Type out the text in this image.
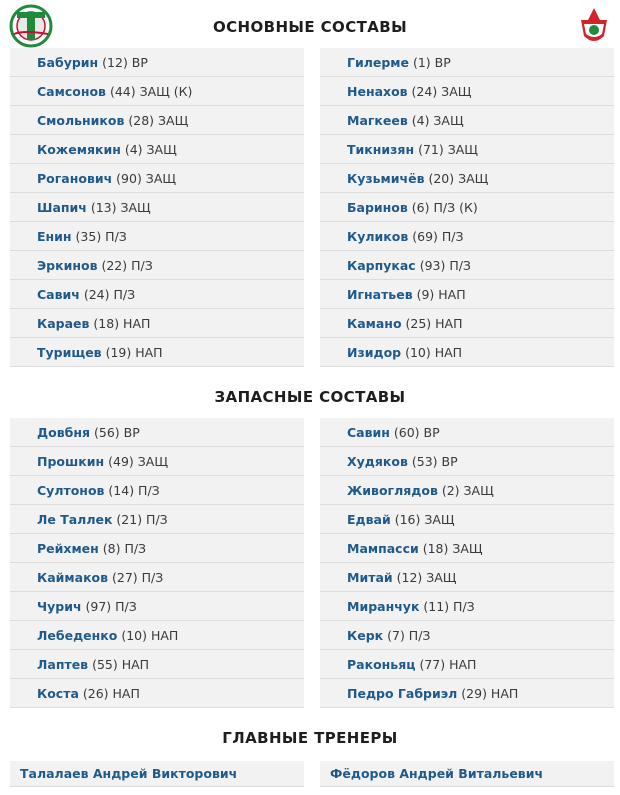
ОСНОВНЫЕ СОСТАВЫ
Бабурин (12) ВР
Самсонов (44) ЗАЩ (К)
Смольников (28) ЗАЩ
Кожемякин (4) ЗАЩ
Роганович (90) ЗАЩ
Шапич (13) ЗАЩ
Енин (35) П/З
Эркинов (22) П/З
Савич (24) П/З
Караев (18) НАП
Турищев (19) НАП
Гилерме (1) ВР
Ненахов (24) ЗАЩ
Магкеев (4) ЗАЩ
Тикнизян (71) ЗАЩ
Кузьмичёв (20) ЗАЩ
Баринов (6) П/З (К)
Куликов (69) П/З
Карпукас (93) П/З
Игнатьев (9) НАП
Камано (25) НАП
Изидор (10) НАП
ЗАПАСНЫЕ СОСТАВЫ
Довбня (56) ВР
Прошкин (49) ЗАЩ
Султонов (14) П/З
Ле Таллек (21) П/З
Рейхмен (8) П/З
Каймаков (27) П/З
Чурич (97) П/З
Лебеденко (10) НАП
Лаптев (55) НАП
Коста (26) НАП
Савин (60) ВР
Худяков (53) ВР
Живоглядов (2) ЗАЩ
Едвай (16) ЗАЩ
Мампасси (18) ЗАЩ
Митай (12) ЗАЩ
Миранчук (11) П/З
Керк (7) П/З
Раконьяц (77) НАП
Педро Габриэл (29) НАП
ГЛАВНЫЕ ТРЕНЕРЫ
Талалаев Андрей Викторович	Фёдоров Андрей Витальевич
